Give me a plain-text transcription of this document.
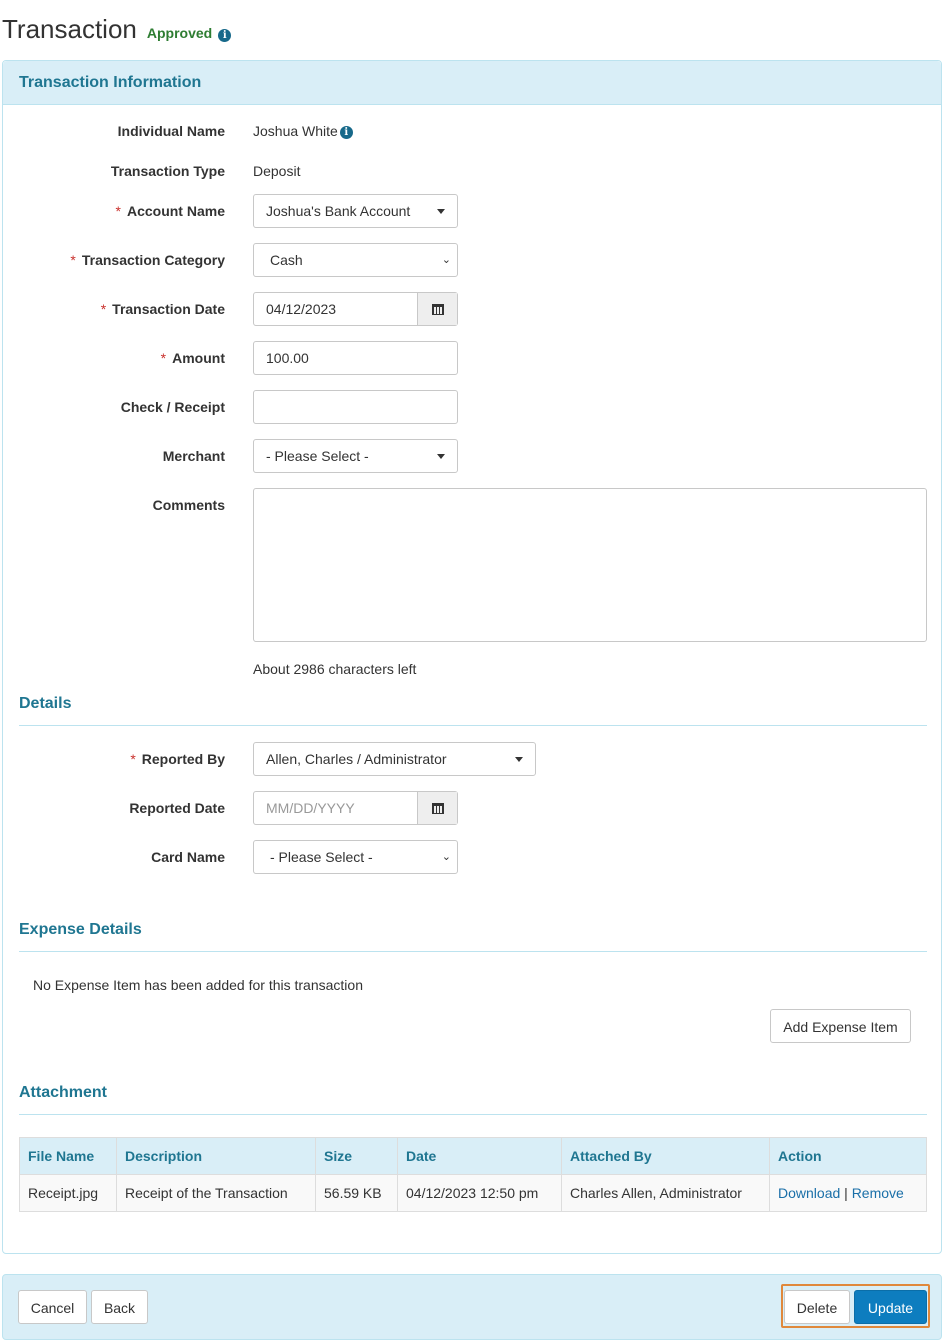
Transaction Approved	i
Transaction Information
Individual Name Joshua White i
Transaction Type Deposit
* Account Name	Joshua's Bank Account
* Transaction Category	Cash	⌄
* Transaction Date	04/12/2023
* Amount	100.00
Check / Receipt
Merchant	- Please Select -
Comments
About 2986 characters left
Details
* Reported By	Allen, Charles / Administrator
Reported Date	MM/DD/YYYY
Card Name	- Please Select -	⌄
Expense Details
No Expense Item has been added for this transaction
Add Expense Item
Attachment
File Name	Description	Size	Date	Attached By	Action
Receipt.jpg	Receipt of the Transaction	56.59 KB	04/12/2023 12:50 pm	Charles Allen, Administrator	Download | Remove
Cancel	Back	Delete	Update
